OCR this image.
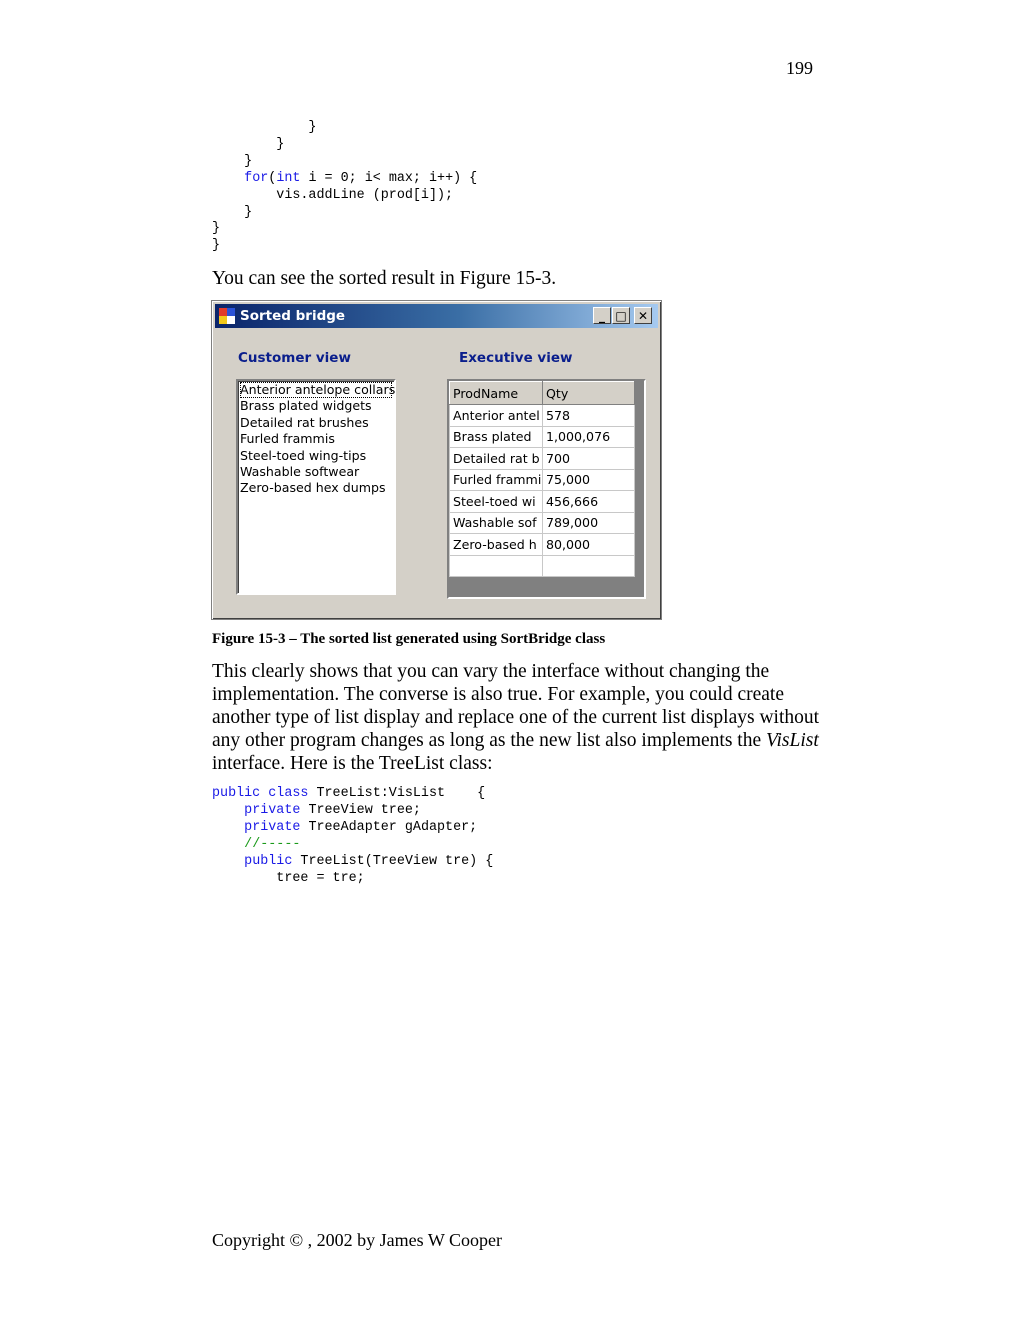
199
}
}
}
for(int i = 0; i< max; i++) {
vis.addLine (prod[i]);
}
}
}

You can see the sorted result in Figure 15-3.

Sorted bridge	_ □ ✕
Customer view	Executive view
Anterior antelope collars
Brass plated widgets
Detailed rat brushes
Furled frammis
Steel-toed wing-tips
Washable softwear
Zero-based hex dumps
ProdName	Qty
Anterior antel	578
Brass plated	1,000,076
Detailed rat b	700
Furled frammi	75,000
Steel-toed wi	456,666
Washable sof	789,000
Zero-based h	80,000

Figure 15-3 – The sorted list generated using SortBridge class

This clearly shows that you can vary the interface without changing the implementation. The converse is also true. For example, you could create another type of list display and replace one of the current list displays without any other program changes as long as the new list also implements the VisList interface. Here is the TreeList class:

public class TreeList:VisList    {
private TreeView tree;
private TreeAdapter gAdapter;
//-----
public TreeList(TreeView tre) {
tree = tre;
Copyright © , 2002 by James W Cooper
